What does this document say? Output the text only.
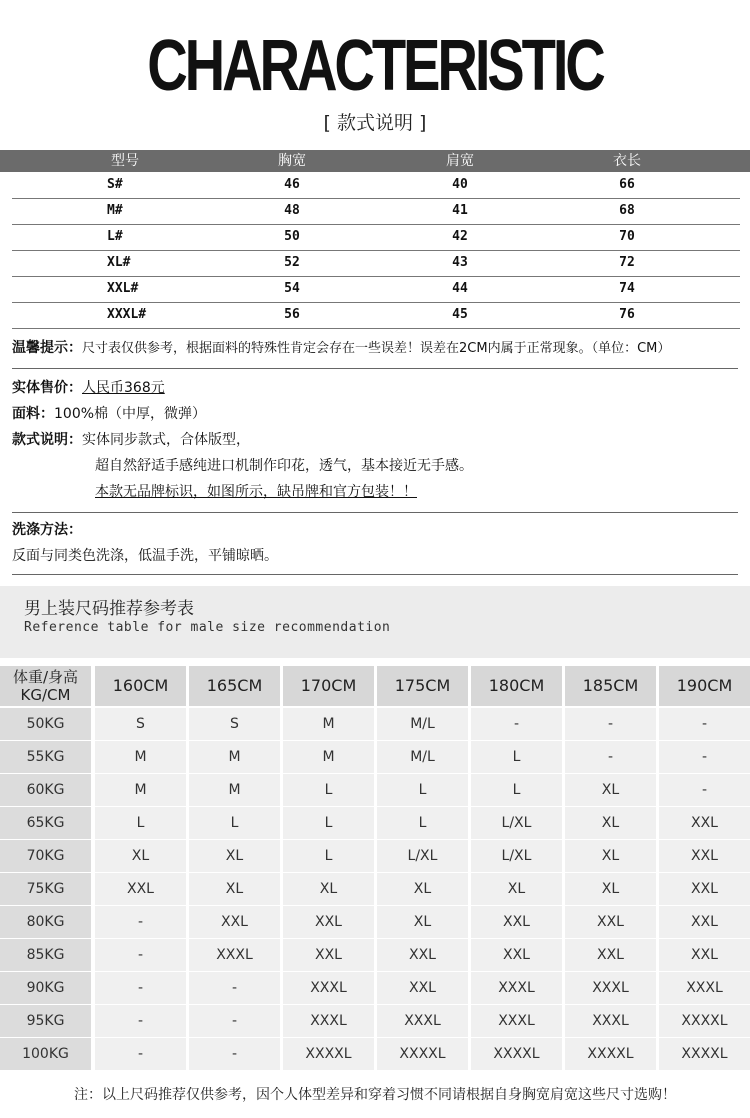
CHARACTERISTIC
[ 款式说明 ]
型号	胸宽	肩宽	衣长
S#	46	40	66
M#	48	41	68
L#	50	42	70
XL#	52	43	72
XXL#	54	44	74
XXXL#	56	45	76
温馨提示：尺寸表仅供参考，根据面料的特殊性肯定会存在一些误差！误差在2CM内属于正常现象。（单位：CM）
实体售价：人民币368元
面料：100%棉（中厚，微弹）
款式说明：实体同步款式，合体版型，
超自然舒适手感纯进口机制作印花，透气，基本接近无手感。
本款无品牌标识，如图所示，缺吊牌和官方包装！！
洗涤方法：
反面与同类色洗涤，低温手洗，平铺晾晒。
男上装尺码推荐参考表
Reference table for male size recommendation
体重/身高
KG/CM	160CM	165CM	170CM	175CM	180CM	185CM	190CM
50KG	S	S	M	M/L	-	-	-
55KG	M	M	M	M/L	L	-	-
60KG	M	M	L	L	L	XL	-
65KG	L	L	L	L	L/XL	XL	XXL
70KG	XL	XL	L	L/XL	L/XL	XL	XXL
75KG	XXL	XL	XL	XL	XL	XL	XXL
80KG	-	XXL	XXL	XL	XXL	XXL	XXL
85KG	-	XXXL	XXL	XXL	XXL	XXL	XXL
90KG	-	-	XXXL	XXL	XXXL	XXXL	XXXL
95KG	-	-	XXXL	XXXL	XXXL	XXXL	XXXXL
100KG	-	-	XXXXL	XXXXL	XXXXL	XXXXL	XXXXL
注：以上尺码推荐仅供参考，因个人体型差异和穿着习惯不同请根据自身胸宽肩宽这些尺寸选购！
